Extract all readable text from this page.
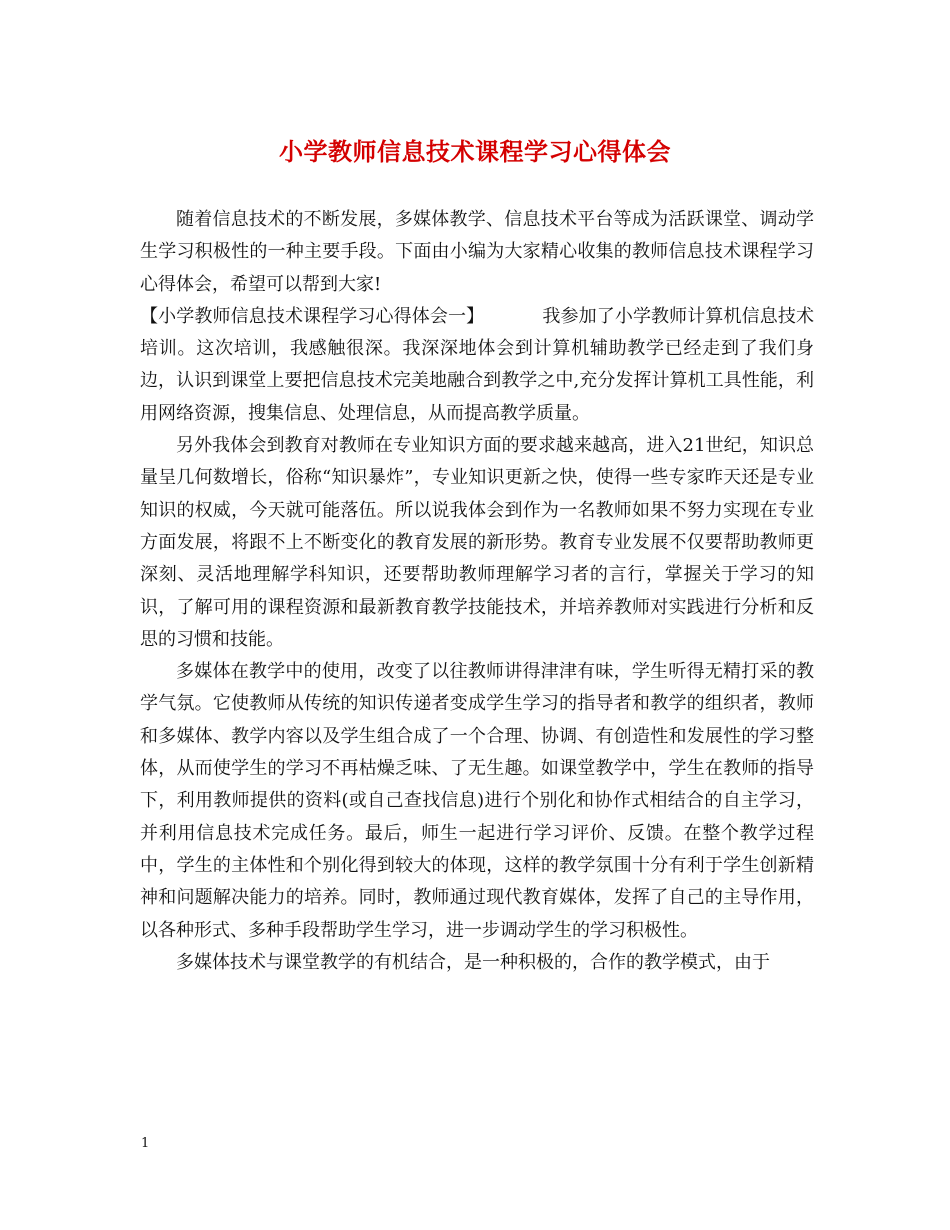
小学教师信息技术课程学习心得体会

随着信息技术的不断发展，多媒体教学、信息技术平台等成为活跃课堂、调动学生学习积极性的一种主要手段。下面由小编为大家精心收集的教师信息技术课程学习心得体会，希望可以帮到大家!

【小学教师信息技术课程学习心得体会一】	我参加了小学教师计算机信息技术培训。这次培训，我感触很深。我深深地体会到计算机辅助教学已经走到了我们身边，认识到课堂上要把信息技术完美地融合到教学之中,充分发挥计算机工具性能，利用网络资源，搜集信息、处理信息，从而提高教学质量。

另外我体会到教育对教师在专业知识方面的要求越来越高，进入21世纪，知识总量呈几何数增长，俗称“知识暴炸”，专业知识更新之快，使得一些专家昨天还是专业知识的权威，今天就可能落伍。所以说我体会到作为一名教师如果不努力实现在专业方面发展，将跟不上不断变化的教育发展的新形势。教育专业发展不仅要帮助教师更深刻、灵活地理解学科知识，还要帮助教师理解学习者的言行，掌握关于学习的知识，了解可用的课程资源和最新教育教学技能技术，并培养教师对实践进行分析和反思的习惯和技能。

多媒体在教学中的使用，改变了以往教师讲得津津有味，学生听得无精打采的教学气氛。它使教师从传统的知识传递者变成学生学习的指导者和教学的组织者，教师和多媒体、教学内容以及学生组合成了一个合理、协调、有创造性和发展性的学习整体，从而使学生的学习不再枯燥乏味、了无生趣。如课堂教学中，学生在教师的指导下，利用教师提供的资料(或自己查找信息)进行个别化和协作式相结合的自主学习，并利用信息技术完成任务。最后，师生一起进行学习评价、反馈。在整个教学过程中，学生的主体性和个别化得到较大的体现，这样的教学氛围十分有利于学生创新精神和问题解决能力的培养。同时，教师通过现代教育媒体，发挥了自己的主导作用，以各种形式、多种手段帮助学生学习，进一步调动学生的学习积极性。

多媒体技术与课堂教学的有机结合，是一种积极的，合作的教学模式，由于

1
